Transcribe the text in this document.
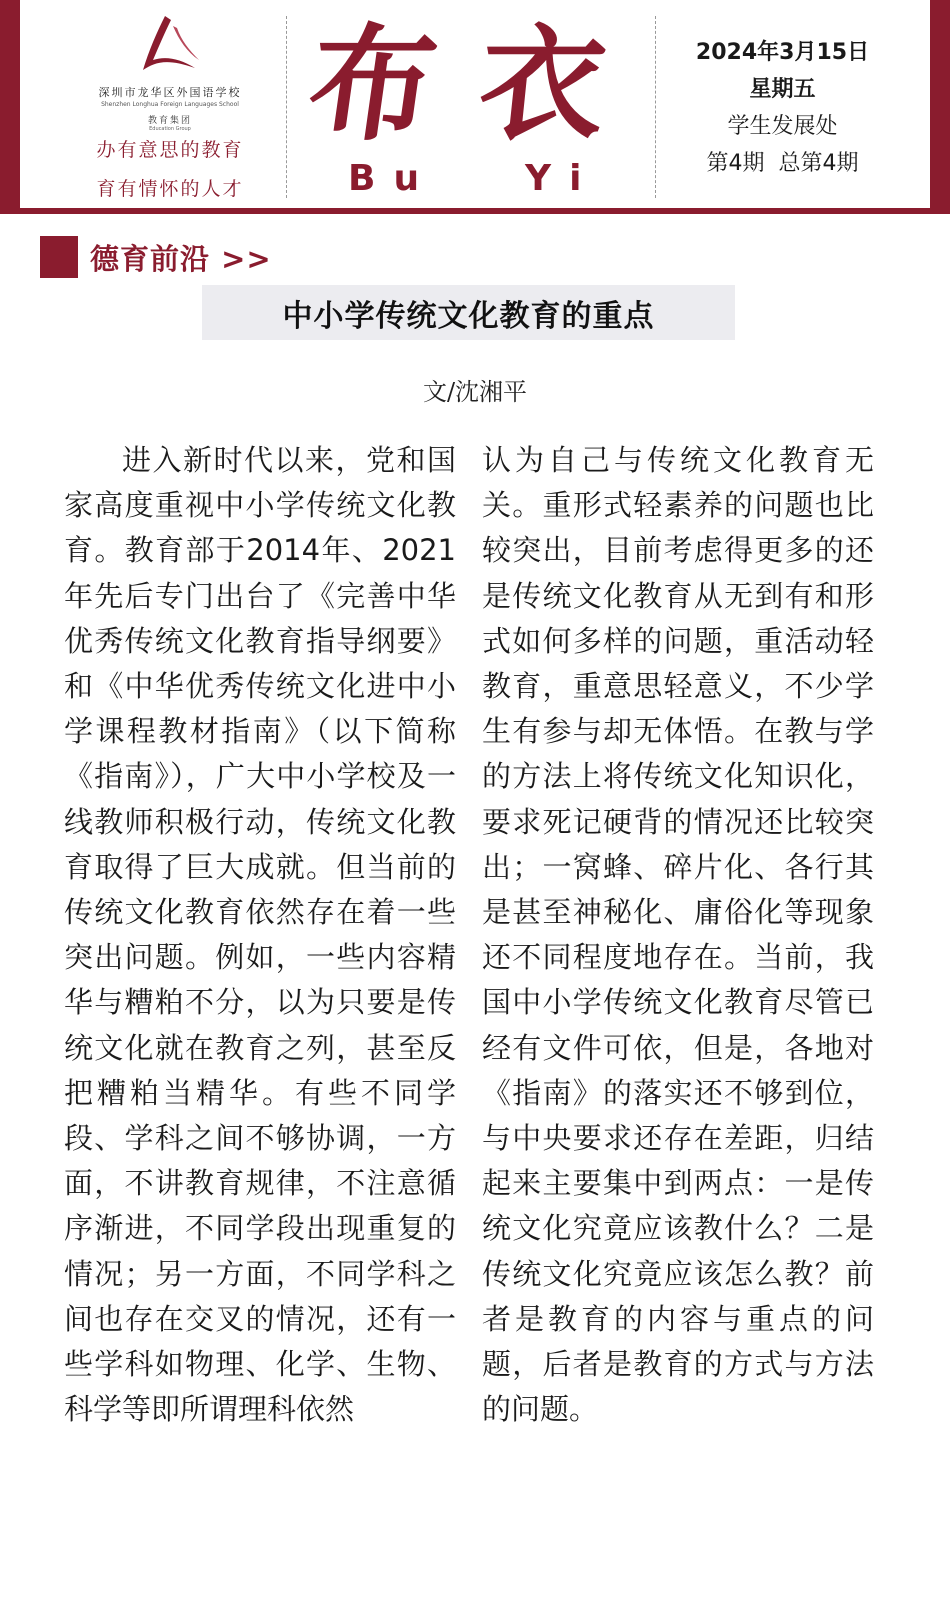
深圳市龙华区外国语学校
Shenzhen Longhua Foreign Languages School
教育集团
Education Group
办有意思的教育
育有情怀的人才
布 衣
Bu Yi
2024年3月15日
星期五
学生发展处
第4期  总第4期
德育前沿 >>
中小学传统文化教育的重点
文/沈湘平

进入新时代以来，党和国家高度重视中小学传统文化教育。教育部于2014年、2021年先后专门出台了《完善中华优秀传统文化教育指导纲要》和《中华优秀传统文化进中小学课程教材指南》（以下简称《指南》），广大中小学校及一线教师积极行动，传统文化教育取得了巨大成就。但当前的传统文化教育依然存在着一些突出问题。例如，一些内容精华与糟粕不分，以为只要是传统文化就在教育之列，甚至反把糟粕当精华。有些不同学段、学科之间不够协调，一方面，不讲教育规律，不注意循序渐进，不同学段出现重复的情况；另一方面，不同学科之间也存在交叉的情况，还有一些学科如物理、化学、生物、科学等即所谓理科依然

认为自己与传统文化教育无关。重形式轻素养的问题也比较突出，目前考虑得更多的还是传统文化教育从无到有和形式如何多样的问题，重活动轻教育，重意思轻意义，不少学生有参与却无体悟。在教与学的方法上将传统文化知识化，要求死记硬背的情况还比较突出；一窝蜂、碎片化、各行其是甚至神秘化、庸俗化等现象还不同程度地存在。当前，我国中小学传统文化教育尽管已经有文件可依，但是，各地对《指南》的落实还不够到位，与中央要求还存在差距，归结起来主要集中到两点：一是传统文化究竟应该教什么？二是传统文化究竟应该怎么教？前者是教育的内容与重点的问题，后者是教育的方式与方法的问题。
